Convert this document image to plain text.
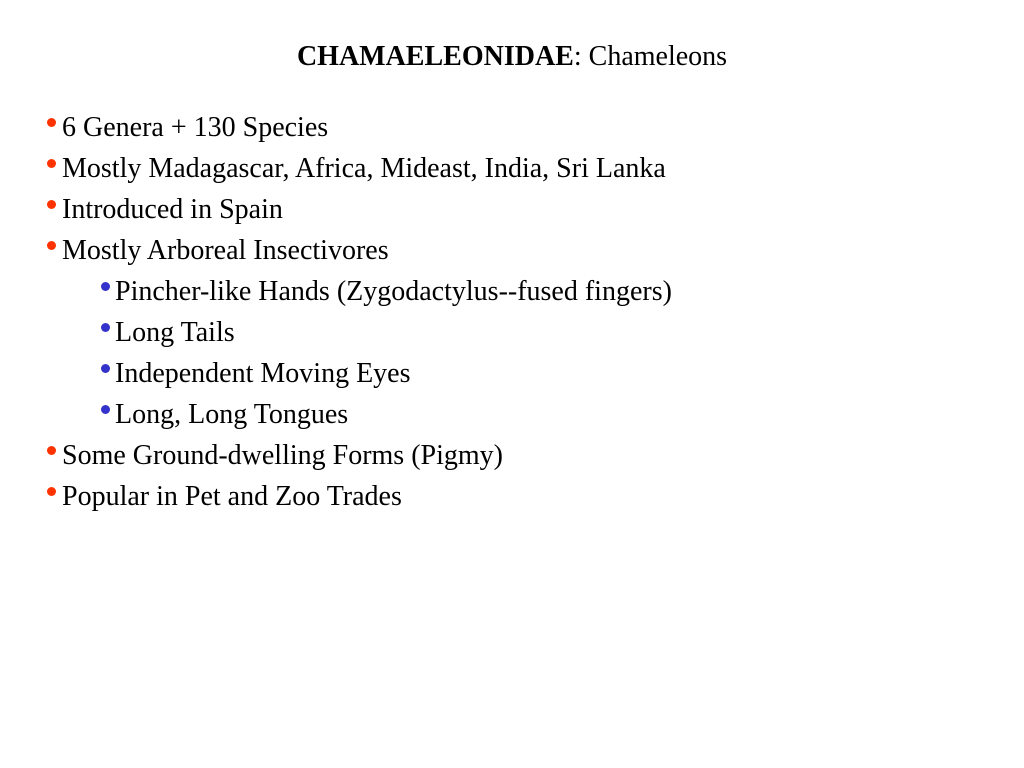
CHAMAELEONIDAE: Chameleons
6 Genera + 130 Species
Mostly Madagascar, Africa, Mideast, India, Sri Lanka
Introduced in Spain
Mostly Arboreal Insectivores
Pincher-like Hands (Zygodactylus--fused fingers)
Long Tails
Independent Moving Eyes
Long, Long Tongues
Some Ground-dwelling Forms (Pigmy)
Popular in Pet and Zoo Trades
